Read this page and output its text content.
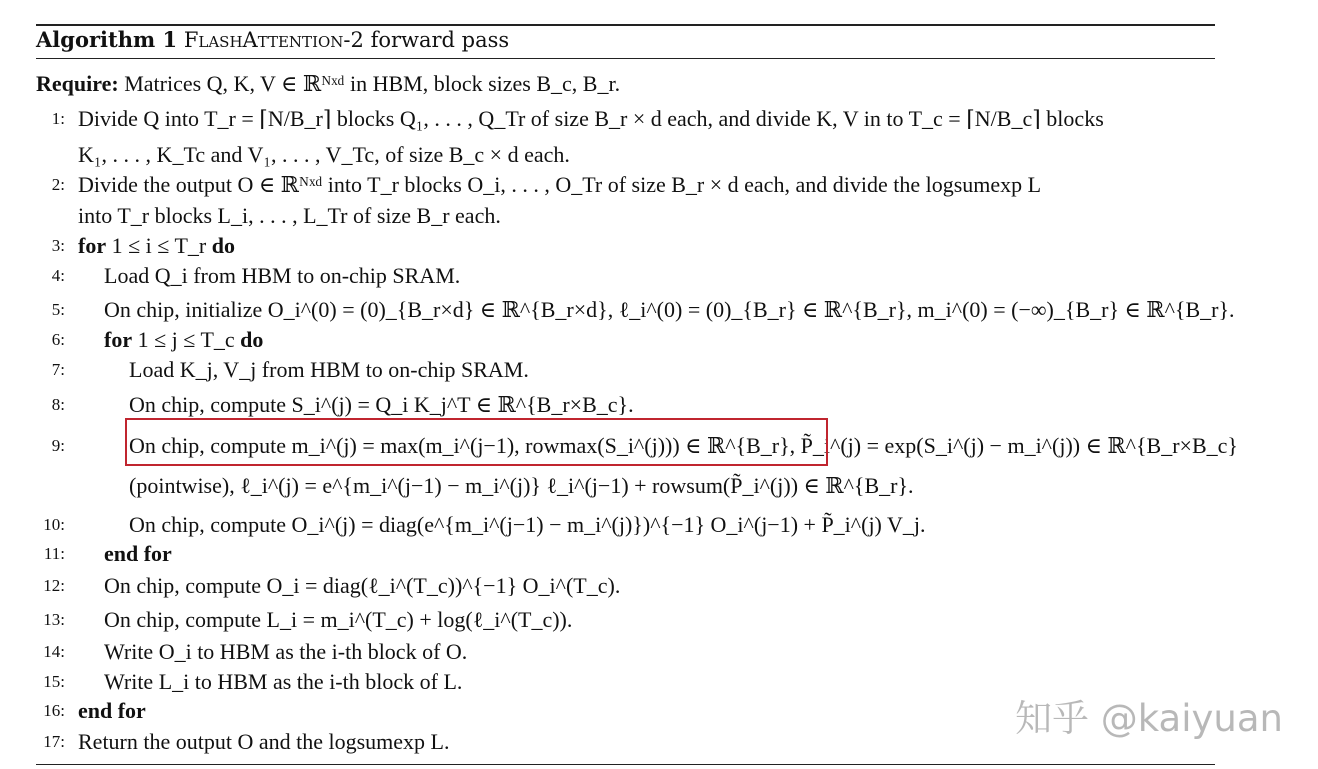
Algorithm 1 FlashAttention-2 forward pass
Require: Matrices Q, K, V ∈ ℝᴺˣᵈ in HBM, block sizes B_c, B_r.
1: Divide Q into T_r = ⌈N/B_r⌉ blocks Q₁, . . . , Q_Tr of size B_r × d each, and divide K, V in to T_c = ⌈N/B_c⌉ blocks
K₁, . . . , K_Tc and V₁, . . . , V_Tc, of size B_c × d each.
2: Divide the output O ∈ ℝᴺˣᵈ into T_r blocks O_i, . . . , O_Tr of size B_r × d each, and divide the logsumexp L
into T_r blocks L_i, . . . , L_Tr of size B_r each.
3: for 1 ≤ i ≤ T_r do
4: Load Q_i from HBM to on-chip SRAM.
5: On chip, initialize O_i^(0) = (0)_{B_r×d} ∈ ℝ^{B_r×d}, ℓ_i^(0) = (0)_{B_r} ∈ ℝ^{B_r}, m_i^(0) = (−∞)_{B_r} ∈ ℝ^{B_r}.
6: for 1 ≤ j ≤ T_c do
7:	Load K_j, V_j from HBM to on-chip SRAM.
8:	On chip, compute S_i^(j) = Q_i K_j^T ∈ ℝ^{B_r×B_c}.
9:	On chip, compute m_i^(j) = max(m_i^(j−1), rowmax(S_i^(j))) ∈ ℝ^{B_r}, P̃_i^(j) = exp(S_i^(j) − m_i^(j)) ∈ ℝ^{B_r×B_c}
(pointwise), ℓ_i^(j) = e^{m_i^(j−1) − m_i^(j)} ℓ_i^(j−1) + rowsum(P̃_i^(j)) ∈ ℝ^{B_r}.
10:	On chip, compute O_i^(j) = diag(e^{m_i^(j−1) − m_i^(j)})^{−1} O_i^(j−1) + P̃_i^(j) V_j.
11: end for
12: On chip, compute O_i = diag(ℓ_i^(T_c))^{−1} O_i^(T_c).
13: On chip, compute L_i = m_i^(T_c) + log(ℓ_i^(T_c)).
14: Write O_i to HBM as the i-th block of O.
15: Write L_i to HBM as the i-th block of L.
16: end for
17: Return the output O and the logsumexp L.
知乎 @kaiyuan
